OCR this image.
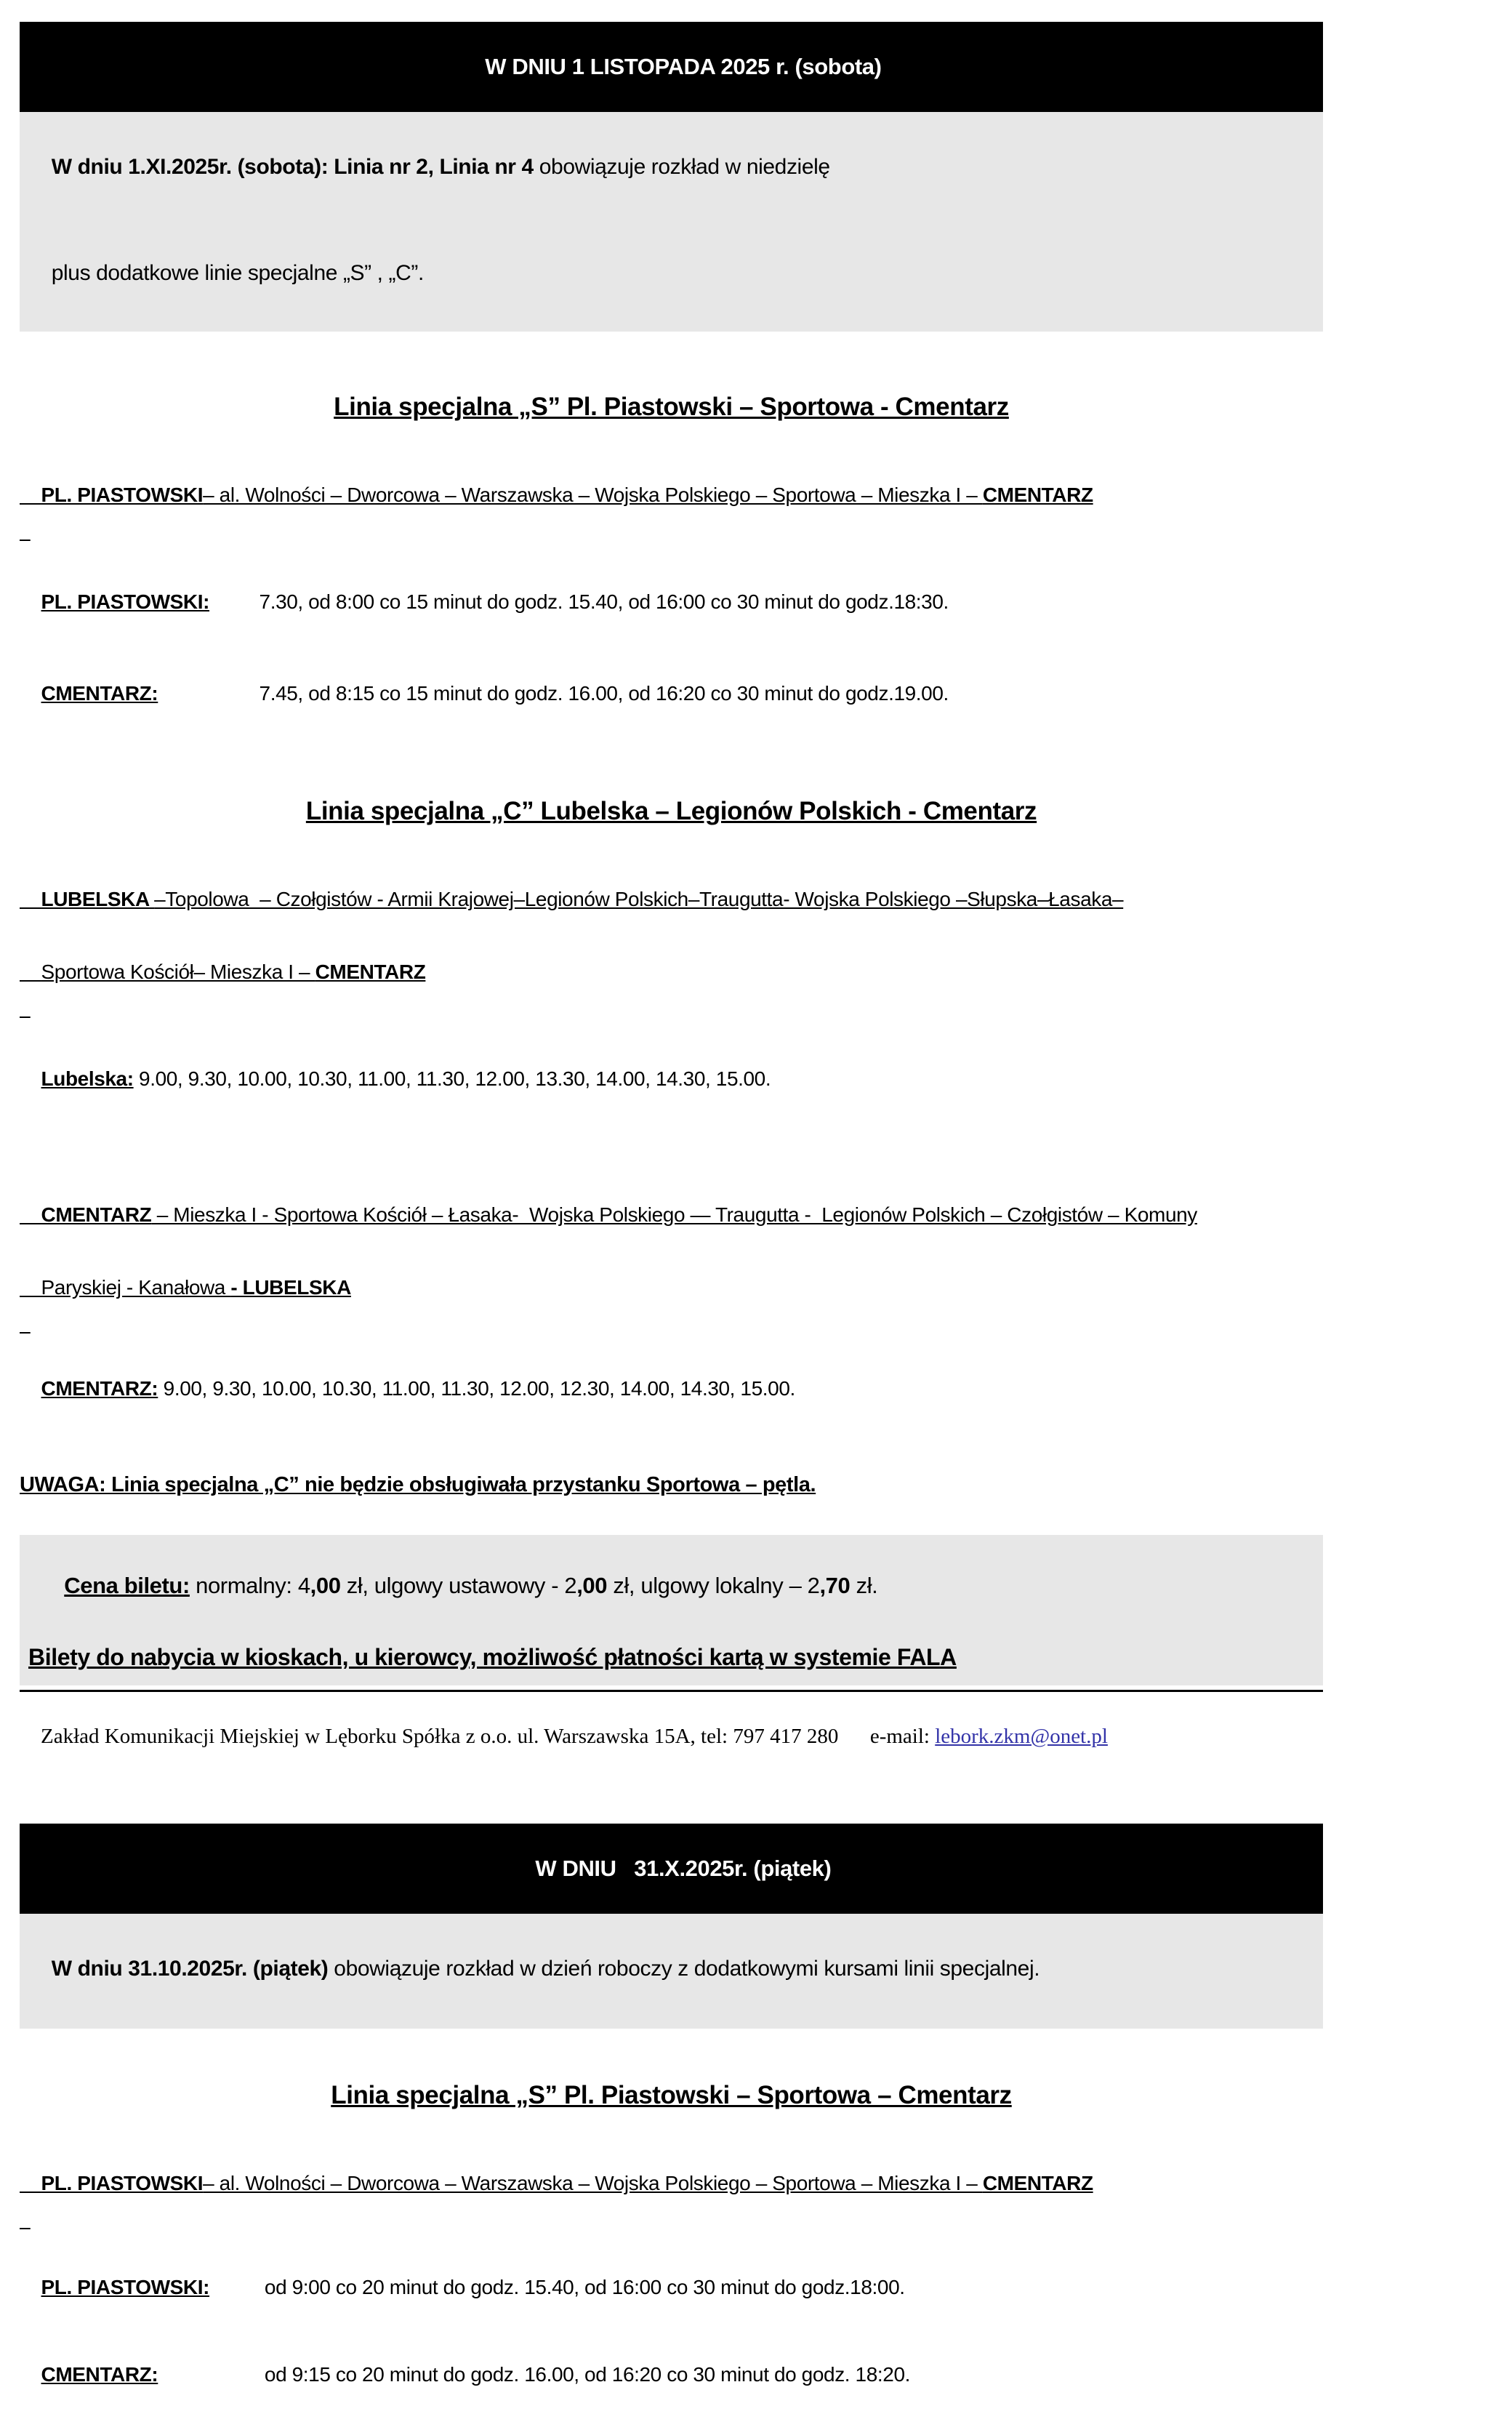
W DNIU 1 LISTOPADA 2025 r. (sobota)

W dniu 1.XI.2025r. (sobota): Linia nr 2, Linia nr 4 obowiązuje rozkład w niedzielę

plus dodatkowe linie specjalne „S” , „C”.

Linia specjalna „S” Pl. Piastowski – Sportowa - Cmentarz

PL. PIASTOWSKI– al. Wolności – Dworcowa – Warszawska – Wojska Polskiego – Sportowa – Mieszka I – CMENTARZ

PL. PIASTOWSKI: 7.30, od 8:00 co 15 minut do godz. 15.40, od 16:00 co 30 minut do godz.18:30.

CMENTARZ:	7.45, od 8:15 co 15 minut do godz. 16.00, od 16:20 co 30 minut do godz.19.00.

Linia specjalna „C” Lubelska – Legionów Polskich - Cmentarz

LUBELSKA –Topolowa  – Czołgistów - Armii Krajowej–Legionów Polskich–Traugutta- Wojska Polskiego –Słupska–Łasaka–

Sportowa Kościół– Mieszka I – CMENTARZ

Lubelska: 9.00, 9.30, 10.00, 10.30, 11.00, 11.30, 12.00, 13.30, 14.00, 14.30, 15.00.

CMENTARZ – Mieszka I - Sportowa Kościół – Łasaka-  Wojska Polskiego — Traugutta -  Legionów Polskich – Czołgistów – Komuny

Paryskiej - Kanałowa - LUBELSKA

CMENTARZ: 9.00, 9.30, 10.00, 10.30, 11.00, 11.30, 12.00, 12.30, 14.00, 14.30, 15.00.

UWAGA: Linia specjalna „C” nie będzie obsługiwała przystanku Sportowa – pętla.

Cena biletu: normalny: 4,00 zł, ulgowy ustawowy - 2,00 zł, ulgowy lokalny – 2,70 zł.

Bilety do nabycia w kioskach, u kierowcy, możliwość płatności kartą w systemie FALA

Zakład Komunikacji Miejskiej w Lęborku Spółka z o.o. ul. Warszawska 15A, tel: 797 417 280      e-mail: lebork.zkm@onet.pl

W DNIU   31.X.2025r. (piątek)

W dniu 31.10.2025r. (piątek) obowiązuje rozkład w dzień roboczy z dodatkowymi kursami linii specjalnej.

Linia specjalna „S” Pl. Piastowski – Sportowa – Cmentarz

PL. PIASTOWSKI– al. Wolności – Dworcowa – Warszawska – Wojska Polskiego – Sportowa – Mieszka I – CMENTARZ

PL. PIASTOWSKI: od 9:00 co 20 minut do godz. 15.40, od 16:00 co 30 minut do godz.18:00.

CMENTARZ:	od 9:15 co 20 minut do godz. 16.00, od 16:20 co 30 minut do godz. 18:20.
